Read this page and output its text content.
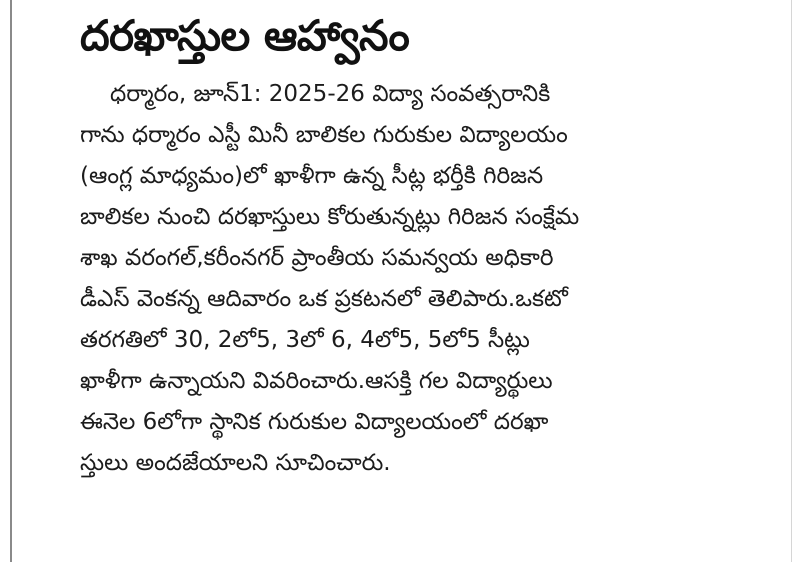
దరఖాస్తుల ఆహ్వానం

ధర్మారం, జూన్1: 2025-26 విద్యా సంవత్సరానికి

గాను ధర్మారం ఎస్టీ మినీ బాలికల గురుకుల విద్యాలయం

(ఆంగ్ల మాధ్యమం)లో ఖాళీగా ఉన్న సీట్ల భర్తీకి గిరిజన

బాలికల నుంచి దరఖాస్తులు కోరుతున్నట్లు గిరిజన సంక్షేమ

శాఖ వరంగల్,కరీంనగర్ ప్రాంతీయ సమన్వయ అధికారి

డీఎస్ వెంకన్న ఆదివారం ఒక ప్రకటనలో తెలిపారు.ఒకటో

తరగతిలో 30, 2లో5, 3లో 6, 4లో5, 5లో5 సీట్లు

ఖాళీగా ఉన్నాయని వివరించారు.ఆసక్తి గల విద్యార్థులు

ఈనెల 6లోగా స్థానిక గురుకుల విద్యాలయంలో దరఖా

స్తులు అందజేయాలని సూచించారు.
